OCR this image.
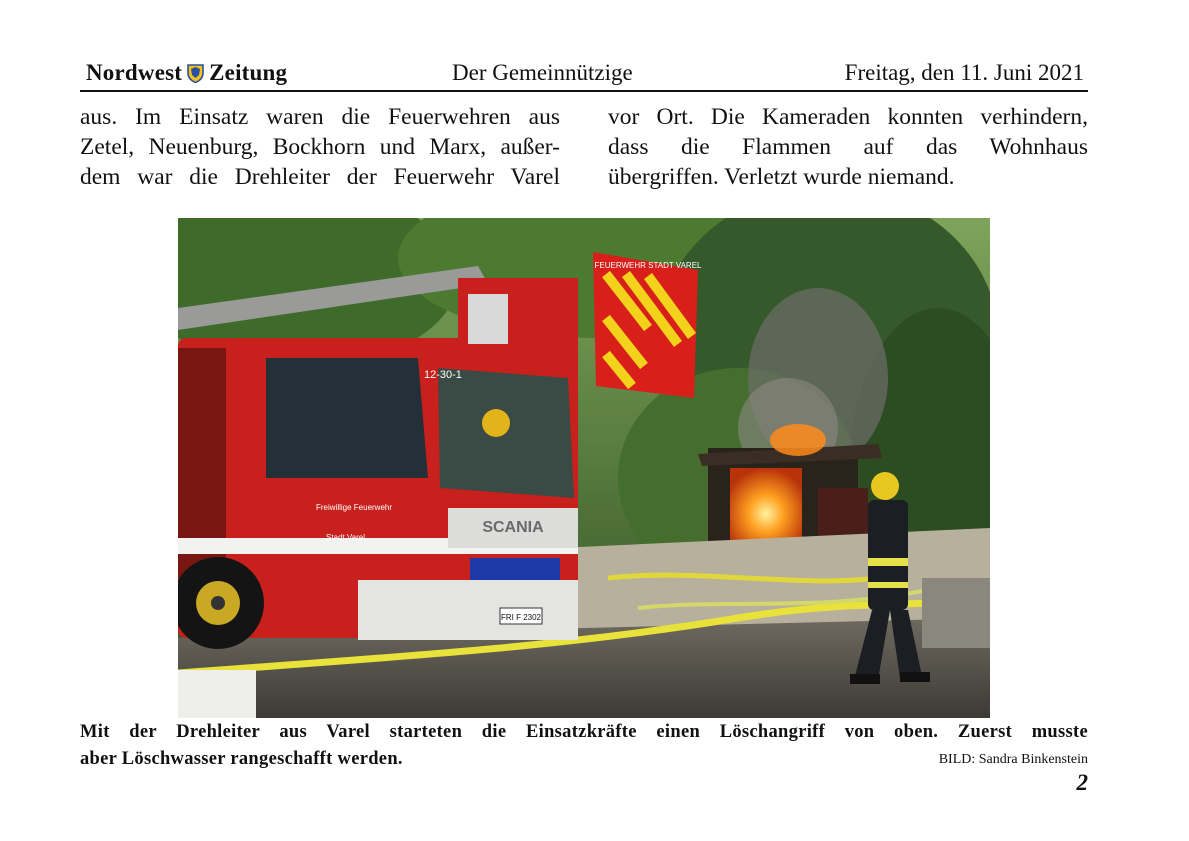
Nordwest Zeitung	Der Gemeinnützige	Freitag, den 11. Juni 2021
aus. Im Einsatz waren die Feuerwehren aus
Zetel, Neuenburg, Bockhorn und Marx, außer-
dem war die Drehleiter der Feuerwehr Varel
vor Ort. Die Kameraden konnten verhindern,
dass die Flammen auf das Wohnhaus
übergriffen. Verletzt wurde niemand.
SCANIA
FRI F 2302
Freiwillige Feuerwehr
Stadt Varel
12-30-1
FEUERWEHR STADT VAREL
Mit der Drehleiter aus Varel starteten die Einsatzkräfte einen Löschangriff von oben. Zuerst musste
aber Löschwasser rangeschafft werden.	BILD: Sandra Binkenstein
2
